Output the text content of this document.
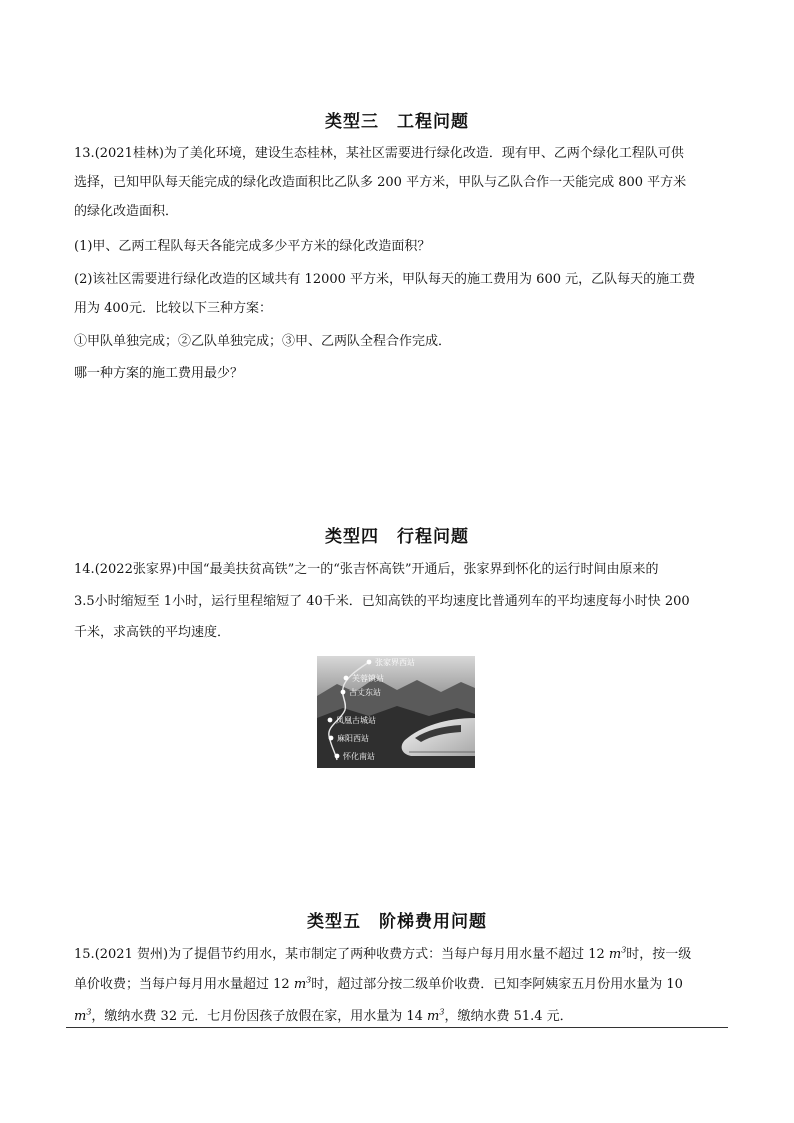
类型三　工程问题
13.(2021桂林)为了美化环境，建设生态桂林，某社区需要进行绿化改造．现有甲、乙两个绿化工程队可供
选择，已知甲队每天能完成的绿化改造面积比乙队多 200 平方米，甲队与乙队合作一天能完成 800 平方米
的绿化改造面积．
(1)甲、乙两工程队每天各能完成多少平方米的绿化改造面积？
(2)该社区需要进行绿化改造的区域共有 12000 平方米，甲队每天的施工费用为 600 元，乙队每天的施工费
用为 400元．比较以下三种方案：
①甲队单独完成；②乙队单独完成；③甲、乙两队全程合作完成．
哪一种方案的施工费用最少？
类型四　行程问题
14.(2022张家界)中国“最美扶贫高铁”之一的“张吉怀高铁”开通后，张家界到怀化的运行时间由原来的
3.5小时缩短至 1小时，运行里程缩短了 40千米．已知高铁的平均速度比普通列车的平均速度每小时快 200
千米，求高铁的平均速度．
张家界西站
芙蓉镇站
古丈东站
凤凰古城站
麻阳西站
怀化南站
类型五　阶梯费用问题
15.(2021 贺州)为了提倡节约用水，某市制定了两种收费方式：当每户每月用水量不超过 12 $m^3$时，按一级
单价收费；当每户每月用水量超过 12 $m^3$时，超过部分按二级单价收费．已知李阿姨家五月份用水量为 10
$m^3$，缴纳水费 32 元．七月份因孩子放假在家，用水量为 14 $m^3$，缴纳水费 51.4 元．
